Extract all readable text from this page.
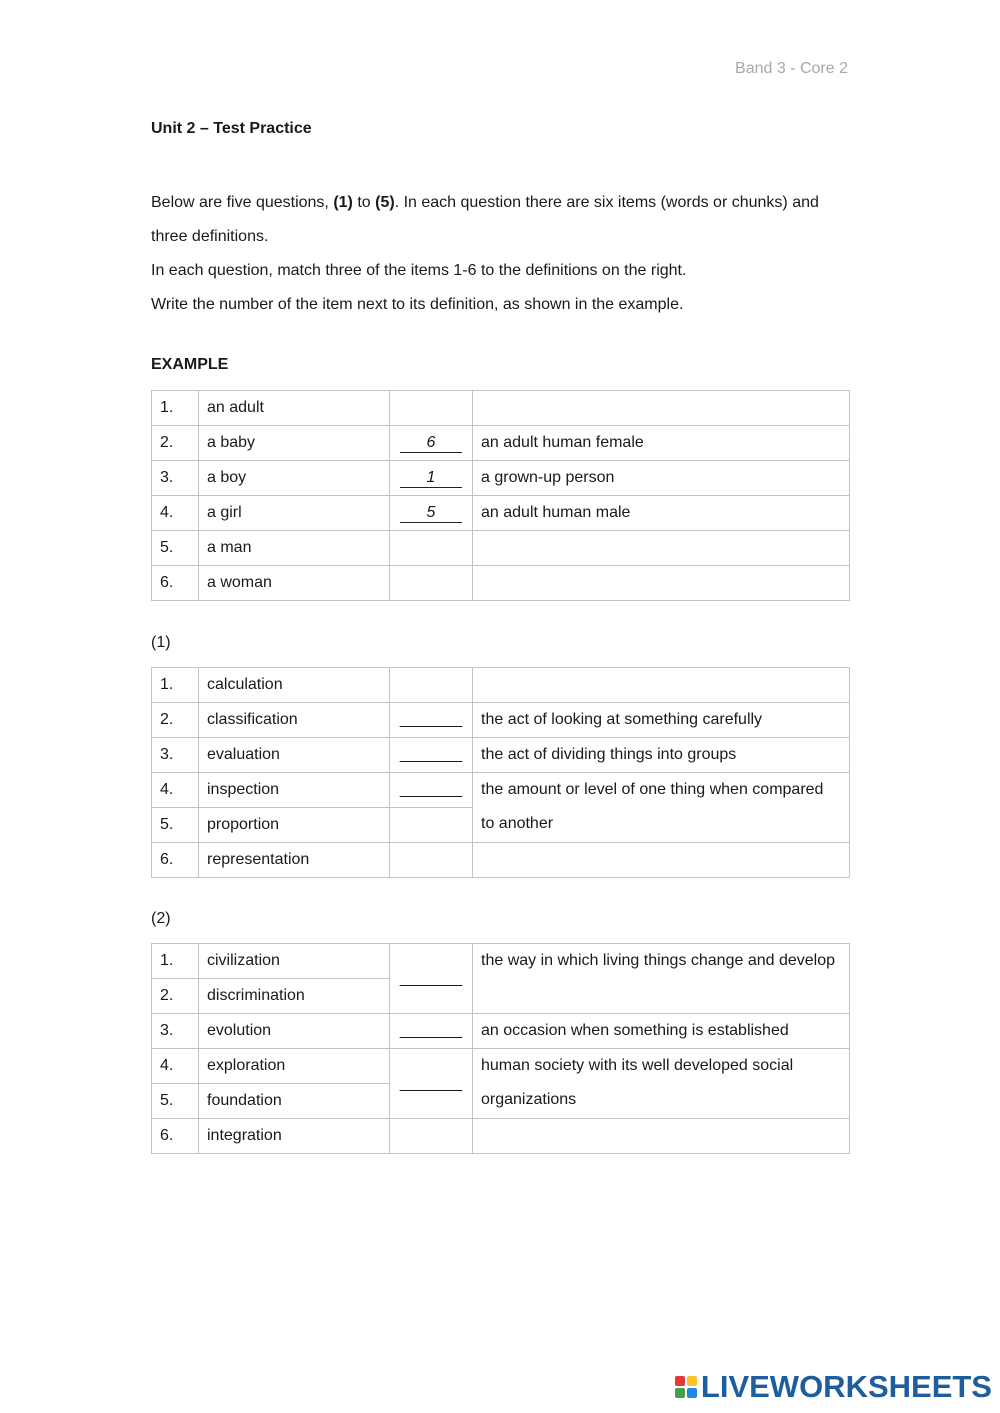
Band 3 - Core 2
Unit 2 – Test Practice

Below are five questions, (1) to (5). In each question there are six items (words or chunks) and three definitions.

In each question, match three of the items 1-6 to the definitions on the right.

Write the number of the item next to its definition, as shown in the example.

EXAMPLE
1.	an adult		
2.	a baby	6	an adult human female
3.	a boy	1	a grown-up person
4.	a girl	5	an adult human male
5.	a man		
6.	a woman		
(1)
1.	calculation		
2.	classification	_______	the act of looking at something carefully
3.	evaluation	_______	the act of dividing things into groups
4.	inspection	_______	the amount or level of one thing when compared to another
5.	proportion		
6.	representation		
(2)
1.	civilization	_______	the way in which living things change and develop
2.	discrimination		
3.	evolution	_______	an occasion when something is established
4.	exploration	_______	human society with its well developed social organizations
5.	foundation		
6.	integration		
LIVEWORKSHEETS
